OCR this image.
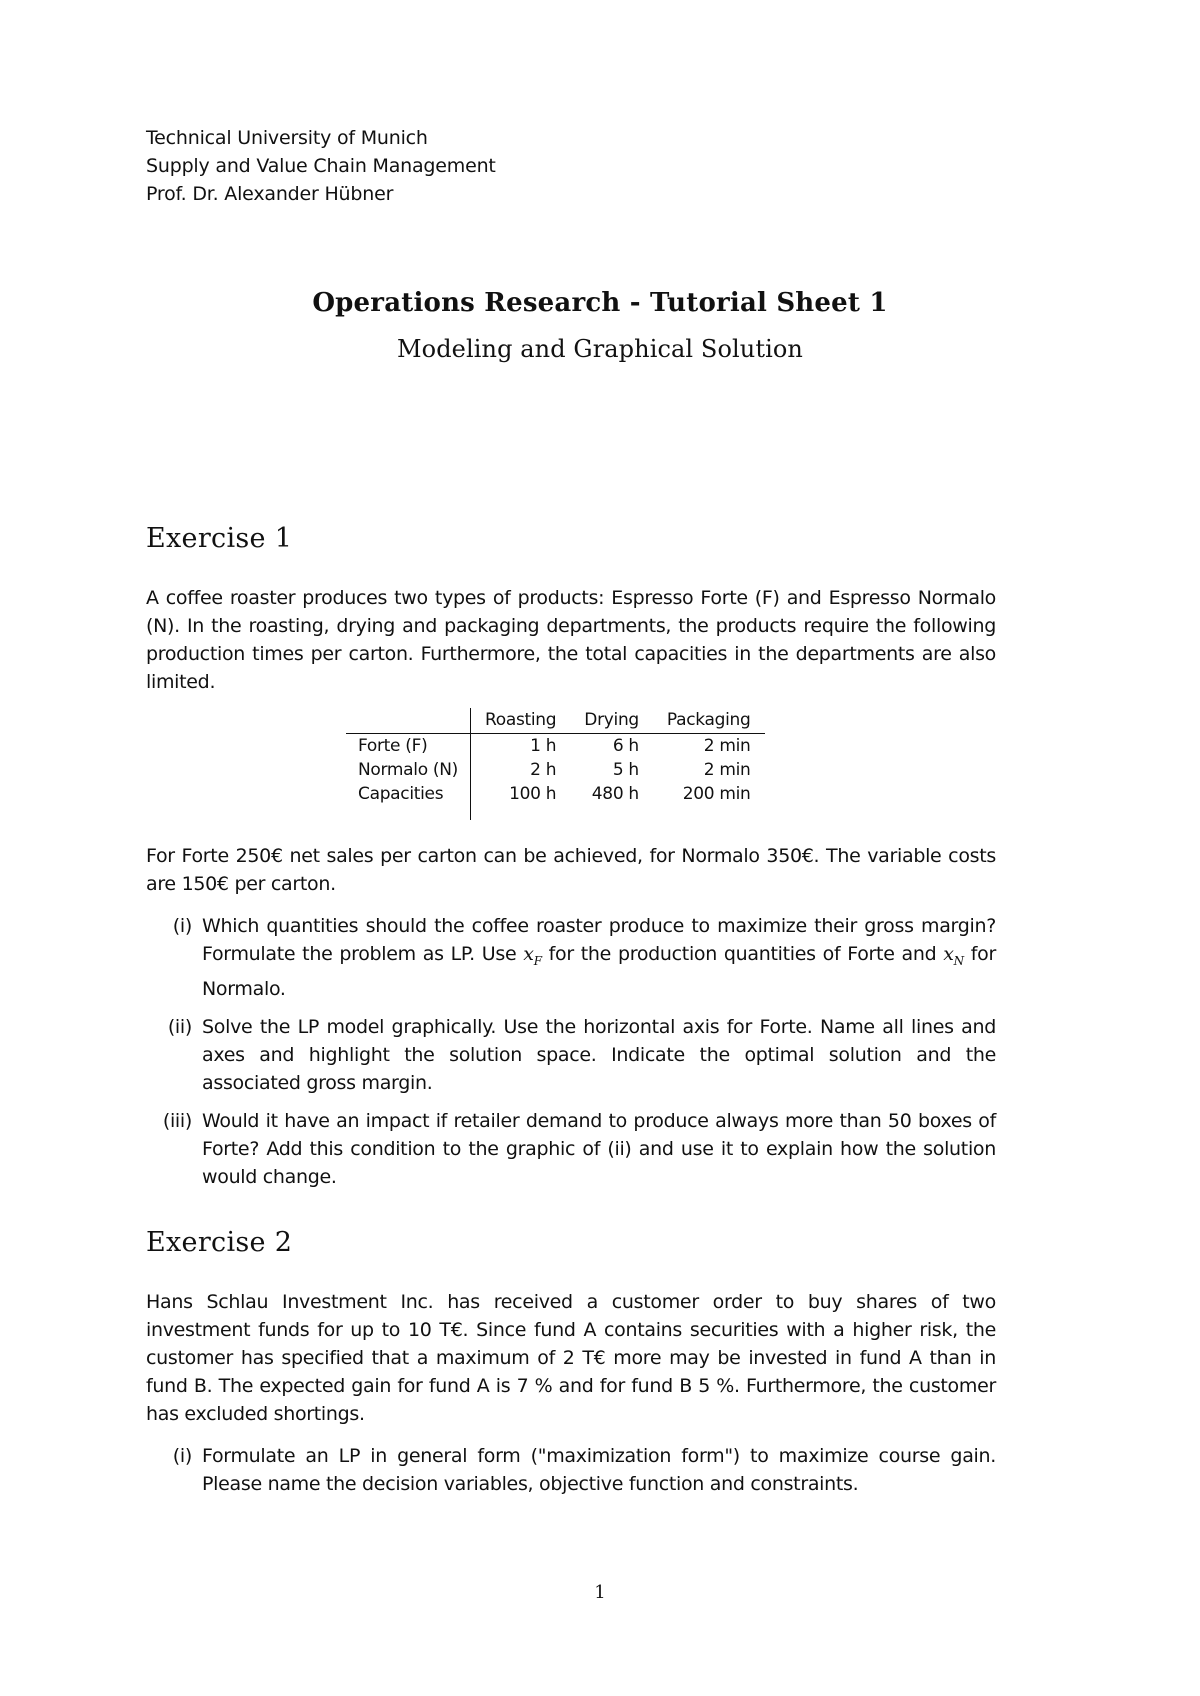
Technical University of Munich
Supply and Value Chain Management
Prof. Dr. Alexander Hübner
Operations Research - Tutorial Sheet 1
Modeling and Graphical Solution
Exercise 1
A coffee roaster produces two types of products: Espresso Forte (F) and Espresso Normalo (N). In the roasting, drying and packaging departments, the products require the following production times per carton. Furthermore, the total capacities in the departments are also limited.
	Roasting	Drying	Packaging
Forte (F)	1 h	6 h	2 min
Normalo (N)	2 h	5 h	2 min
Capacities	100 h	480 h	200 min
For Forte 250€ net sales per carton can be achieved, for Normalo 350€. The variable costs are 150€ per carton.
(i) Which quantities should the coffee roaster produce to maximize their gross margin? Formulate the problem as LP. Use $x_F$ for the production quantities of Forte and $x_N$ for Normalo.
(ii) Solve the LP model graphically. Use the horizontal axis for Forte. Name all lines and axes and highlight the solution space. Indicate the optimal solution and the associated gross margin.
(iii) Would it have an impact if retailer demand to produce always more than 50 boxes of Forte? Add this condition to the graphic of (ii) and use it to explain how the solution would change.
Exercise 2
Hans Schlau Investment Inc. has received a customer order to buy shares of two investment funds for up to 10 T€. Since fund A contains securities with a higher risk, the customer has specified that a maximum of 2 T€ more may be invested in fund A than in fund B. The expected gain for fund A is 7 % and for fund B 5 %. Furthermore, the customer has excluded shortings.
(i) Formulate an LP in general form ("maximization form") to maximize course gain. Please name the decision variables, objective function and constraints.
1
